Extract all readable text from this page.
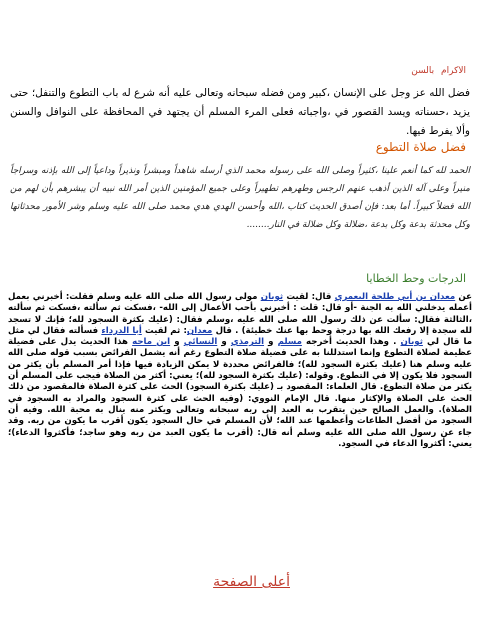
الاكرام بالسن
فضل الله عز وجل على الإنسان ،كبير ومن فضله سبحانه وتعالى عليه أنه شرع له باب التطوع والتنفل؛ حتى يزيد ،حسناته ويسد القصور في ،واجباته فعلى المرء المسلم أن يجتهد في المحافظة على النوافل والسنن وألا يفرط فيها.
فضل صلاة التطوع
الحمد لله كما أنعم علينا ،كثيراً وصلى الله على رسوله محمد الذي أرسله شاهداً ومبشراً ونذيراً وداعياً إلى الله بإذنه وسراجاً منيراً وعلى آله الذين أذهب عنهم الرجس وطهرهم تطهيراً وعلى جميع المؤمنين الذين أمر الله نبيه أن يبشرهم بأن لهم من الله فضلاً كبيراً. أما بعد: فإن أصدق الحديث كتاب ،الله وأحسن الهدي هدي محمد صلى الله عليه وسلم وشر الأمور محدثاتها وكل محدثة بدعة وكل بدعة ،ضلالة وكل ضلالة في النار........
الدرجات وحط الخطايا

عن معدان بن أبي طلحة اليعمري قال: لقيت ثوبان مولى رسول الله صلى الله عليه وسلم فقلت: أخبرني بعمل أعمله يدخلني الله به الجنة -أو قال: قلت : أخبرني بأحب الأعمال إلى الله- ،فسكت ثم سألته ،فسكت ثم سألته ،الثالثة فقال: سألت عن ذلك رسول الله صلى الله عليه ،وسلم فقال: (عليك بكثرة السجود لله؛ فإنك لا تسجد لله سجدة إلا رفعك الله بها درجة وحط بها عنك خطيئة) . قال معدان: ثم لقيت أبا الدرداء فسألته فقال لي مثل ما قال لي ثوبان . وهذا الحديث أخرجه مسلم و الترمذي و النسائي و ابن ماجه هذا الحديث يدل على فضيلة عظيمة لصلاة التطوع وإنما استدللنا به على فضيلة صلاة التطوع رغم أنه يشمل الفرائض بسبب قوله صلى الله عليه وسلم هنا (عليك بكثرة السجود لله)؛ فالفرائض محددة لا يمكن الزيادة فيها فإذا أمر المسلم بأن يكثر من السجود فلا يكون إلا في التطوع. وقوله: (عليك بكثرة السجود لله)؛ يعني: أكثر من الصلاة فيجب على المسلم أن يكثر من صلاة التطوع. قال العلماء: المقصود بـ (عليك بكثرة السجود) الحث على كثرة الصلاة فالمقصود من ذلك الحث على الصلاة والإكثار منها. قال الإمام النووي: (وفيه الحث على كثرة السجود والمراد به السجود في الصلاة). والعمل الصالح حين يتقرب به العبد إلى ربه سبحانه وتعالى ويكثر منه ينال به محبة الله. وفيه أن السجود من أفضل الطاعات وأعظمها عند الله؛ لأن المسلم في حال السجود يكون أقرب ما يكون من ربه. وقد جاء عن رسول الله صلى الله عليه وسلم أنه قال: (أقرب ما يكون العبد من ربه وهو ساجد؛ فأكثروا الدعاء)؛ يعني: أكثروا الدعاء في السجود.

أعلى الصفحة
